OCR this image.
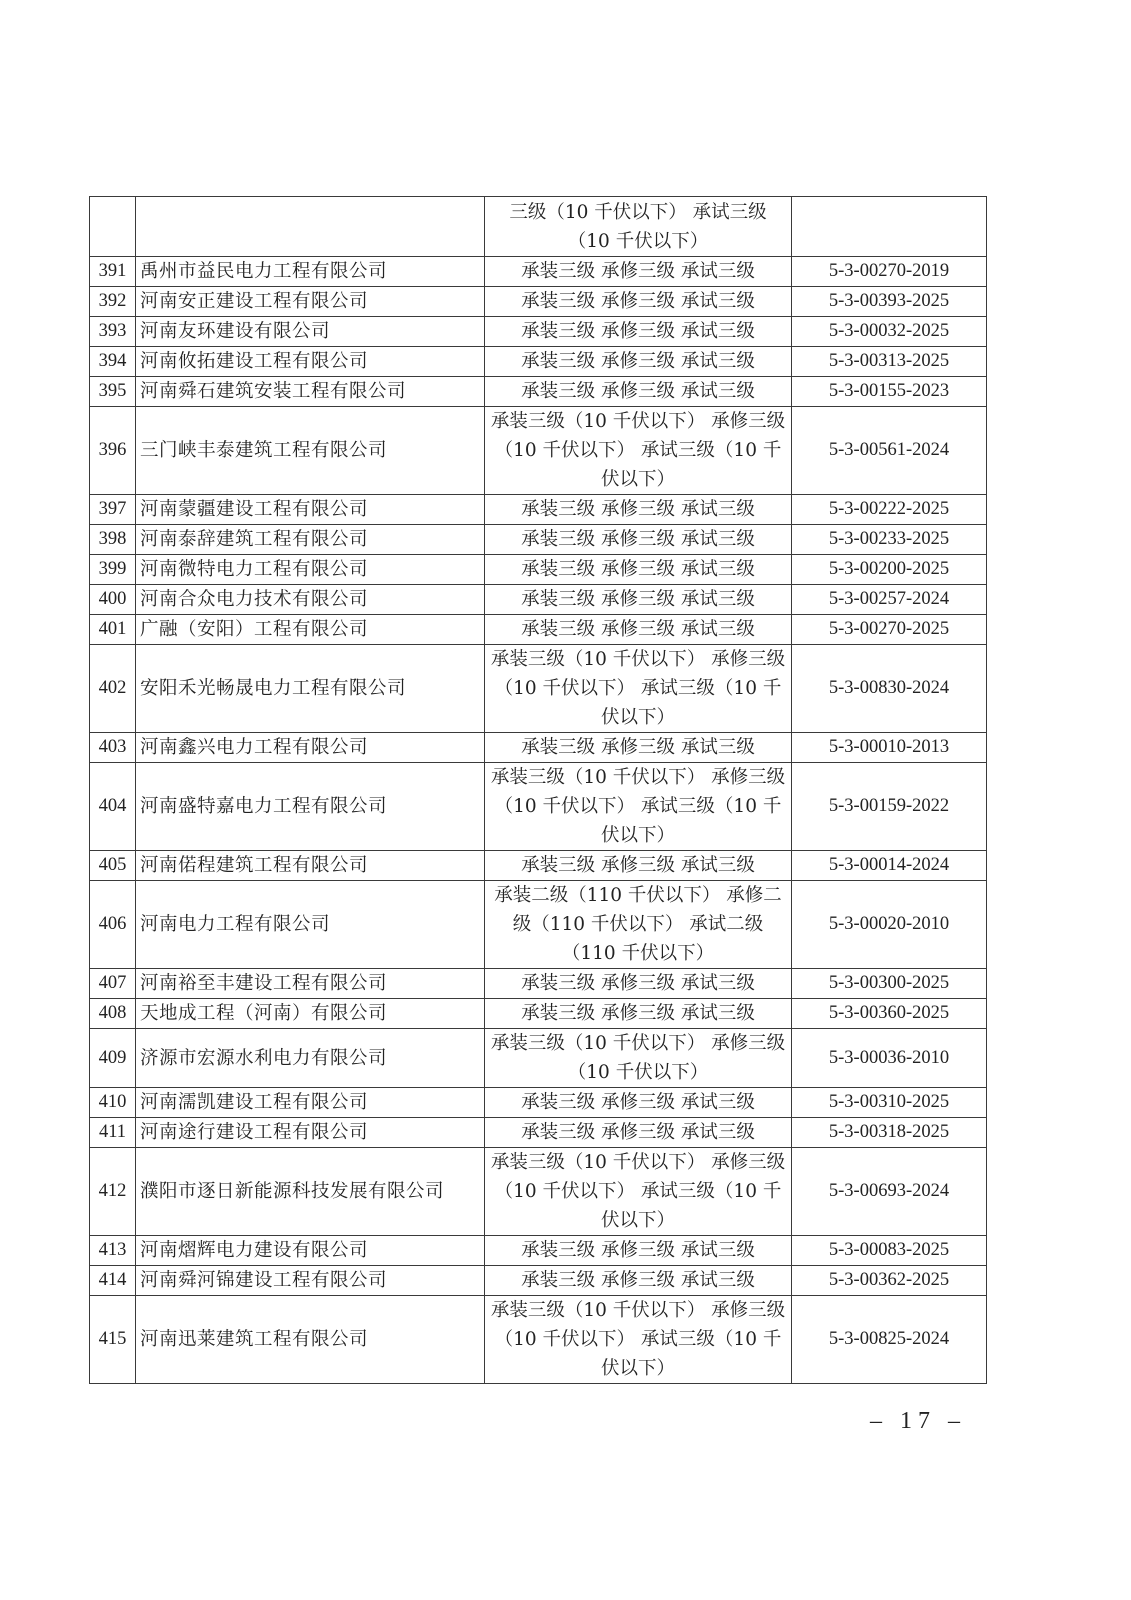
		三级（10 千伏以下） 承试三级（10 千伏以下）	
391	禹州市益民电力工程有限公司	承装三级 承修三级 承试三级	5-3-00270-2019
392	河南安正建设工程有限公司	承装三级 承修三级 承试三级	5-3-00393-2025
393	河南友环建设有限公司	承装三级 承修三级 承试三级	5-3-00032-2025
394	河南攸拓建设工程有限公司	承装三级 承修三级 承试三级	5-3-00313-2025
395	河南舜石建筑安装工程有限公司	承装三级 承修三级 承试三级	5-3-00155-2023
396	三门峡丰泰建筑工程有限公司	承装三级（10 千伏以下） 承修三级（10 千伏以下） 承试三级（10 千伏以下）	5-3-00561-2024
397	河南蒙疆建设工程有限公司	承装三级 承修三级 承试三级	5-3-00222-2025
398	河南泰辞建筑工程有限公司	承装三级 承修三级 承试三级	5-3-00233-2025
399	河南微特电力工程有限公司	承装三级 承修三级 承试三级	5-3-00200-2025
400	河南合众电力技术有限公司	承装三级 承修三级 承试三级	5-3-00257-2024
401	广融（安阳）工程有限公司	承装三级 承修三级 承试三级	5-3-00270-2025
402	安阳禾光畅晟电力工程有限公司	承装三级（10 千伏以下） 承修三级（10 千伏以下） 承试三级（10 千伏以下）	5-3-00830-2024
403	河南鑫兴电力工程有限公司	承装三级 承修三级 承试三级	5-3-00010-2013
404	河南盛特嘉电力工程有限公司	承装三级（10 千伏以下） 承修三级（10 千伏以下） 承试三级（10 千伏以下）	5-3-00159-2022
405	河南偌程建筑工程有限公司	承装三级 承修三级 承试三级	5-3-00014-2024
406	河南电力工程有限公司	承装二级（110 千伏以下） 承修二级（110 千伏以下） 承试二级（110 千伏以下）	5-3-00020-2010
407	河南裕至丰建设工程有限公司	承装三级 承修三级 承试三级	5-3-00300-2025
408	天地成工程（河南）有限公司	承装三级 承修三级 承试三级	5-3-00360-2025
409	济源市宏源水利电力有限公司	承装三级（10 千伏以下） 承修三级（10 千伏以下）	5-3-00036-2010
410	河南濡凯建设工程有限公司	承装三级 承修三级 承试三级	5-3-00310-2025
411	河南途行建设工程有限公司	承装三级 承修三级 承试三级	5-3-00318-2025
412	濮阳市逐日新能源科技发展有限公司	承装三级（10 千伏以下） 承修三级（10 千伏以下） 承试三级（10 千伏以下）	5-3-00693-2024
413	河南熠辉电力建设有限公司	承装三级 承修三级 承试三级	5-3-00083-2025
414	河南舜河锦建设工程有限公司	承装三级 承修三级 承试三级	5-3-00362-2025
415	河南迅莱建筑工程有限公司	承装三级（10 千伏以下） 承修三级（10 千伏以下） 承试三级（10 千伏以下）	5-3-00825-2024
– 17 –
